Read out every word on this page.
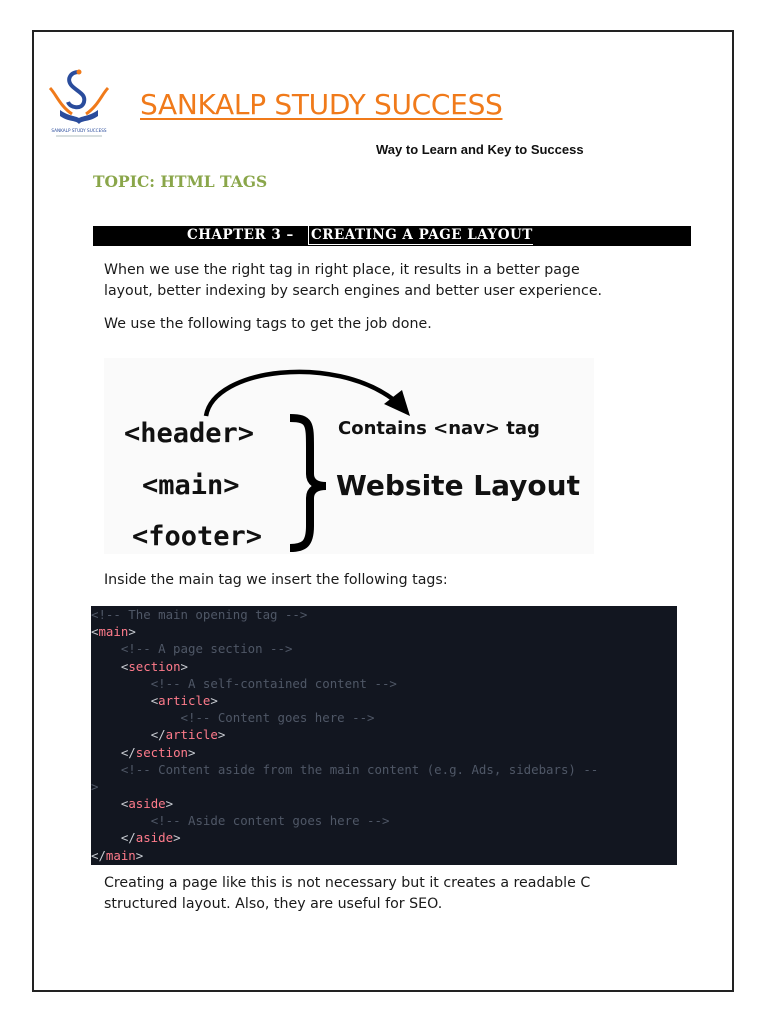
SANKALP STUDY SUCCESS
SANKALP STUDY SUCCESS
Way to Learn and Key to Success
TOPIC: HTML TAGS
CHAPTER 3 – CREATING A PAGE LAYOUT
When we use the right tag in right place, it results in a better page
layout, better indexing by search engines and better user experience.
We use the following tags to get the job done.
<header>
<main>
<footer>
Contains <nav> tag
Website Layout
Inside the main tag we insert the following tags:
<!-- The main opening tag -->
<main>
<!-- A page section -->
<section>
<!-- A self-contained content -->
<article>
<!-- Content goes here -->
</article>
</section>
<!-- Content aside from the main content (e.g. Ads, sidebars) --
>
<aside>
<!-- Aside content goes here -->
</aside>
</main>
Creating a page like this is not necessary but it creates a readable C
structured layout. Also, they are useful for SEO.
